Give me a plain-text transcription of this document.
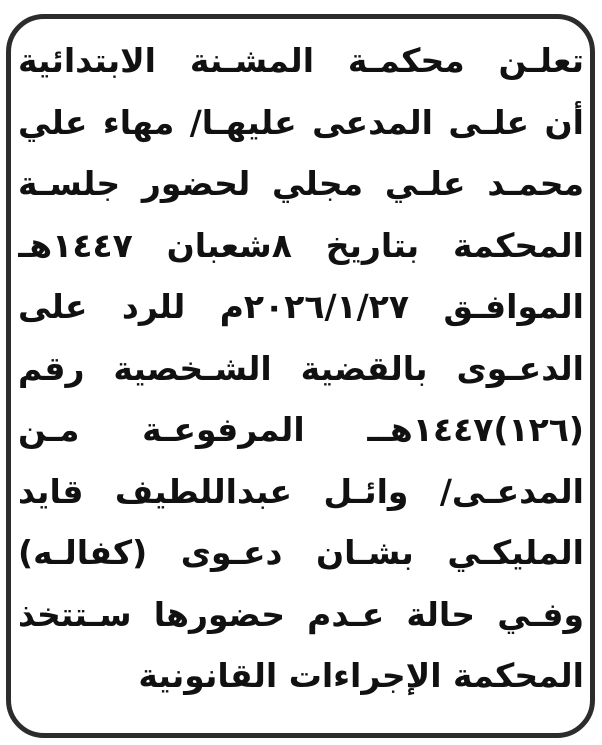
تعلـن محكمـة المشـنة الابتدائية
أن علـى المدعى عليهـا/ مهاء علي
محمـد علـي مجلي لحضور جلسـة
المحكمة بتاريخ ٨شعبان ١٤٤٧هـ
الموافـق ٢٠٢٦/١/٢٧م للرد على
الدعـوى بالقضية الشـخصية رقم
(١٢٦)١٤٤٧هــ المرفوعـة مـن
المدعـى/ وائـل عبداللطيف قايد
المليكـي بشـان دعـوى (كفالـه)
وفـي حالة عـدم حضورها سـتتخذ
المحكمة الإجراءات القانونية
